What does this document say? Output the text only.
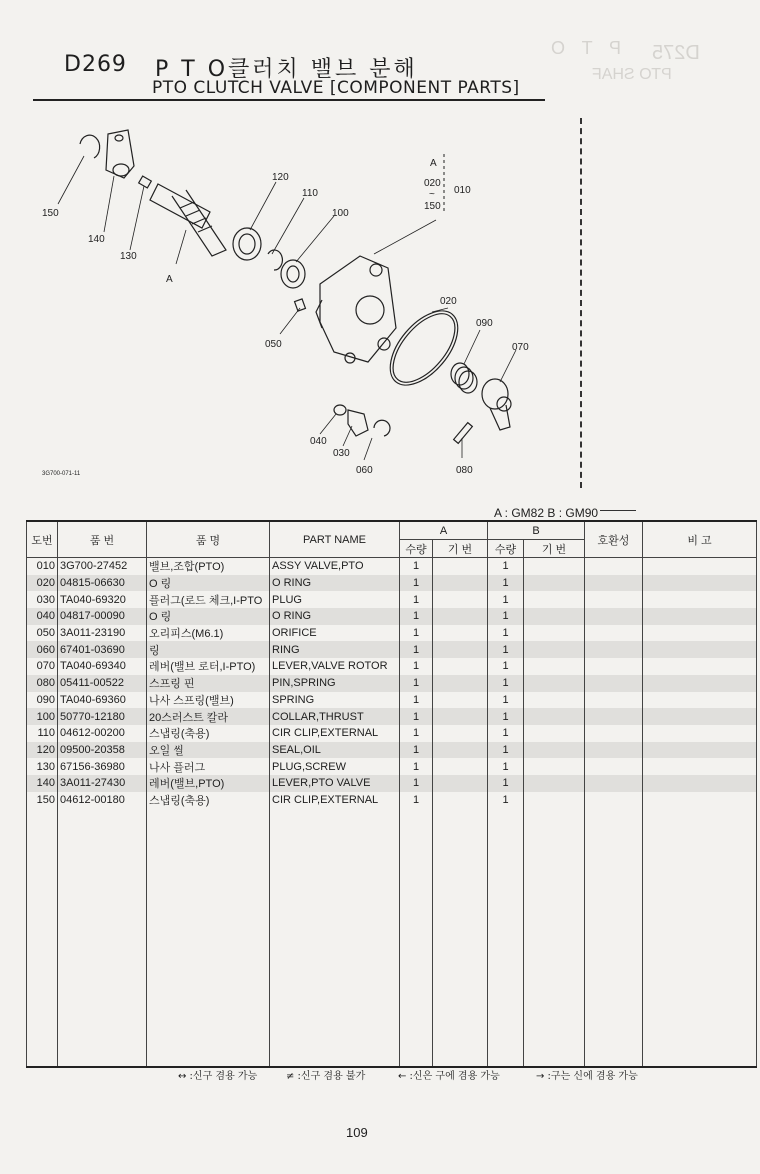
D275
P T O
PTO SHAF
D269 P T O클러치 밸브 분해
PTO CLUTCH VALVE [COMPONENT PARTS]
150
140
130
A
120
110
100
050
A
020
~ 010
150
020
090
070
040
030
060	080
3G700-071-11
A : GM82 B : GM90
도번	품 번	품 명	PART NAME	A		B		호환성	비 고
				수량	기 번	수량	기 번		
010	3G700-27452	밸브,조합(PTO)	ASSY VALVE,PTO	1		1			
020	04815-06630	O 링	O RING	1		1			
030	TA040-69320	플러그(로드 체크,I-PTO	PLUG	1		1			
040	04817-00090	O 링	O RING	1		1			
050	3A011-23190	오리피스(M6.1)	ORIFICE	1		1			
060	67401-03690	링	RING	1		1			
070	TA040-69340	레버(밸브 로터,I-PTO)	LEVER,VALVE ROTOR	1		1			
080	05411-00522	스프링 핀	PIN,SPRING	1		1			
090	TA040-69360	나사 스프링(밸브)	SPRING	1		1			
100	50770-12180	20스러스트 칼라	COLLAR,THRUST	1		1			
110	04612-00200	스냅링(축용)	CIR CLIP,EXTERNAL	1		1			
120	09500-20358	오일 씰	SEAL,OIL	1		1			
130	67156-36980	나사 플러그	PLUG,SCREW	1		1			
140	3A011-27430	레버(밸브,PTO)	LEVER,PTO VALVE	1		1			
150	04612-00180	스냅링(축용)	CIR CLIP,EXTERNAL	1		1			

↔ :신구 겸용 가능	≠ :신구 겸용 불가	← :신은 구에 겸용 가능	→ :구는 신에 겸용 가능
109
